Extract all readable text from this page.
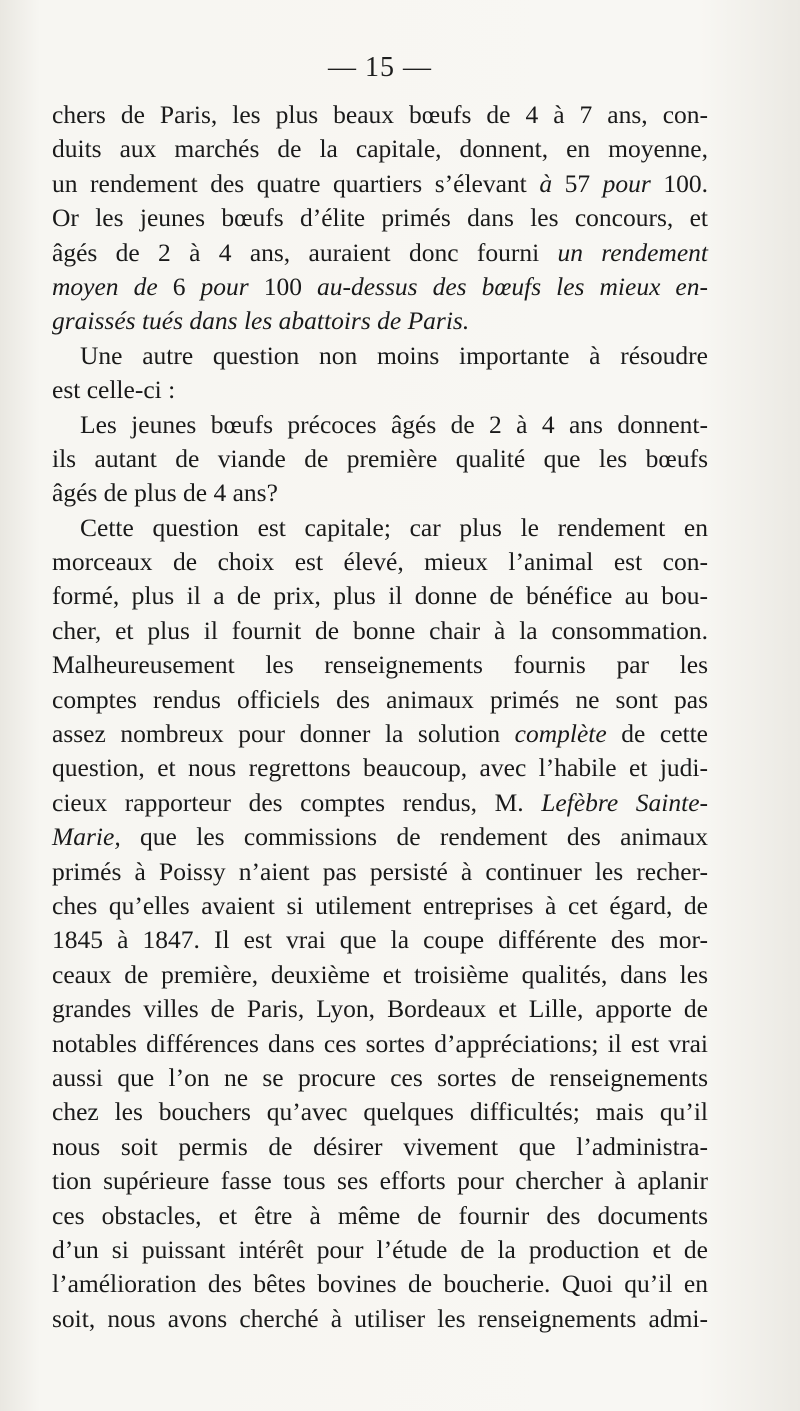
— 15 —
chers de Paris, les plus beaux bœufs de 4 à 7 ans, con-
duits aux marchés de la capitale, donnent, en moyenne,
un rendement des quatre quartiers s’élevant à 57 pour 100.
Or les jeunes bœufs d’élite primés dans les concours, et
âgés de 2 à 4 ans, auraient donc fourni un rendement
moyen de 6 pour 100 au-dessus des bœufs les mieux en-
graissés tués dans les abattoirs de Paris.
Une autre question non moins importante à résoudre
est celle-ci :
Les jeunes bœufs précoces âgés de 2 à 4 ans donnent-
ils autant de viande de première qualité que les bœufs
âgés de plus de 4 ans?
Cette question est capitale; car plus le rendement en
morceaux de choix est élevé, mieux l’animal est con-
formé, plus il a de prix, plus il donne de bénéfice au bou-
cher, et plus il fournit de bonne chair à la consommation.
Malheureusement les renseignements fournis par les
comptes rendus officiels des animaux primés ne sont pas
assez nombreux pour donner la solution complète de cette
question, et nous regrettons beaucoup, avec l’habile et judi-
cieux rapporteur des comptes rendus, M. Lefèbre Sainte-
Marie, que les commissions de rendement des animaux
primés à Poissy n’aient pas persisté à continuer les recher-
ches qu’elles avaient si utilement entreprises à cet égard, de
1845 à 1847. Il est vrai que la coupe différente des mor-
ceaux de première, deuxième et troisième qualités, dans les
grandes villes de Paris, Lyon, Bordeaux et Lille, apporte de
notables différences dans ces sortes d’appréciations; il est vrai
aussi que l’on ne se procure ces sortes de renseignements
chez les bouchers qu’avec quelques difficultés; mais qu’il
nous soit permis de désirer vivement que l’administra-
tion supérieure fasse tous ses efforts pour chercher à aplanir
ces obstacles, et être à même de fournir des documents
d’un si puissant intérêt pour l’étude de la production et de
l’amélioration des bêtes bovines de boucherie. Quoi qu’il en
soit, nous avons cherché à utiliser les renseignements admi-
